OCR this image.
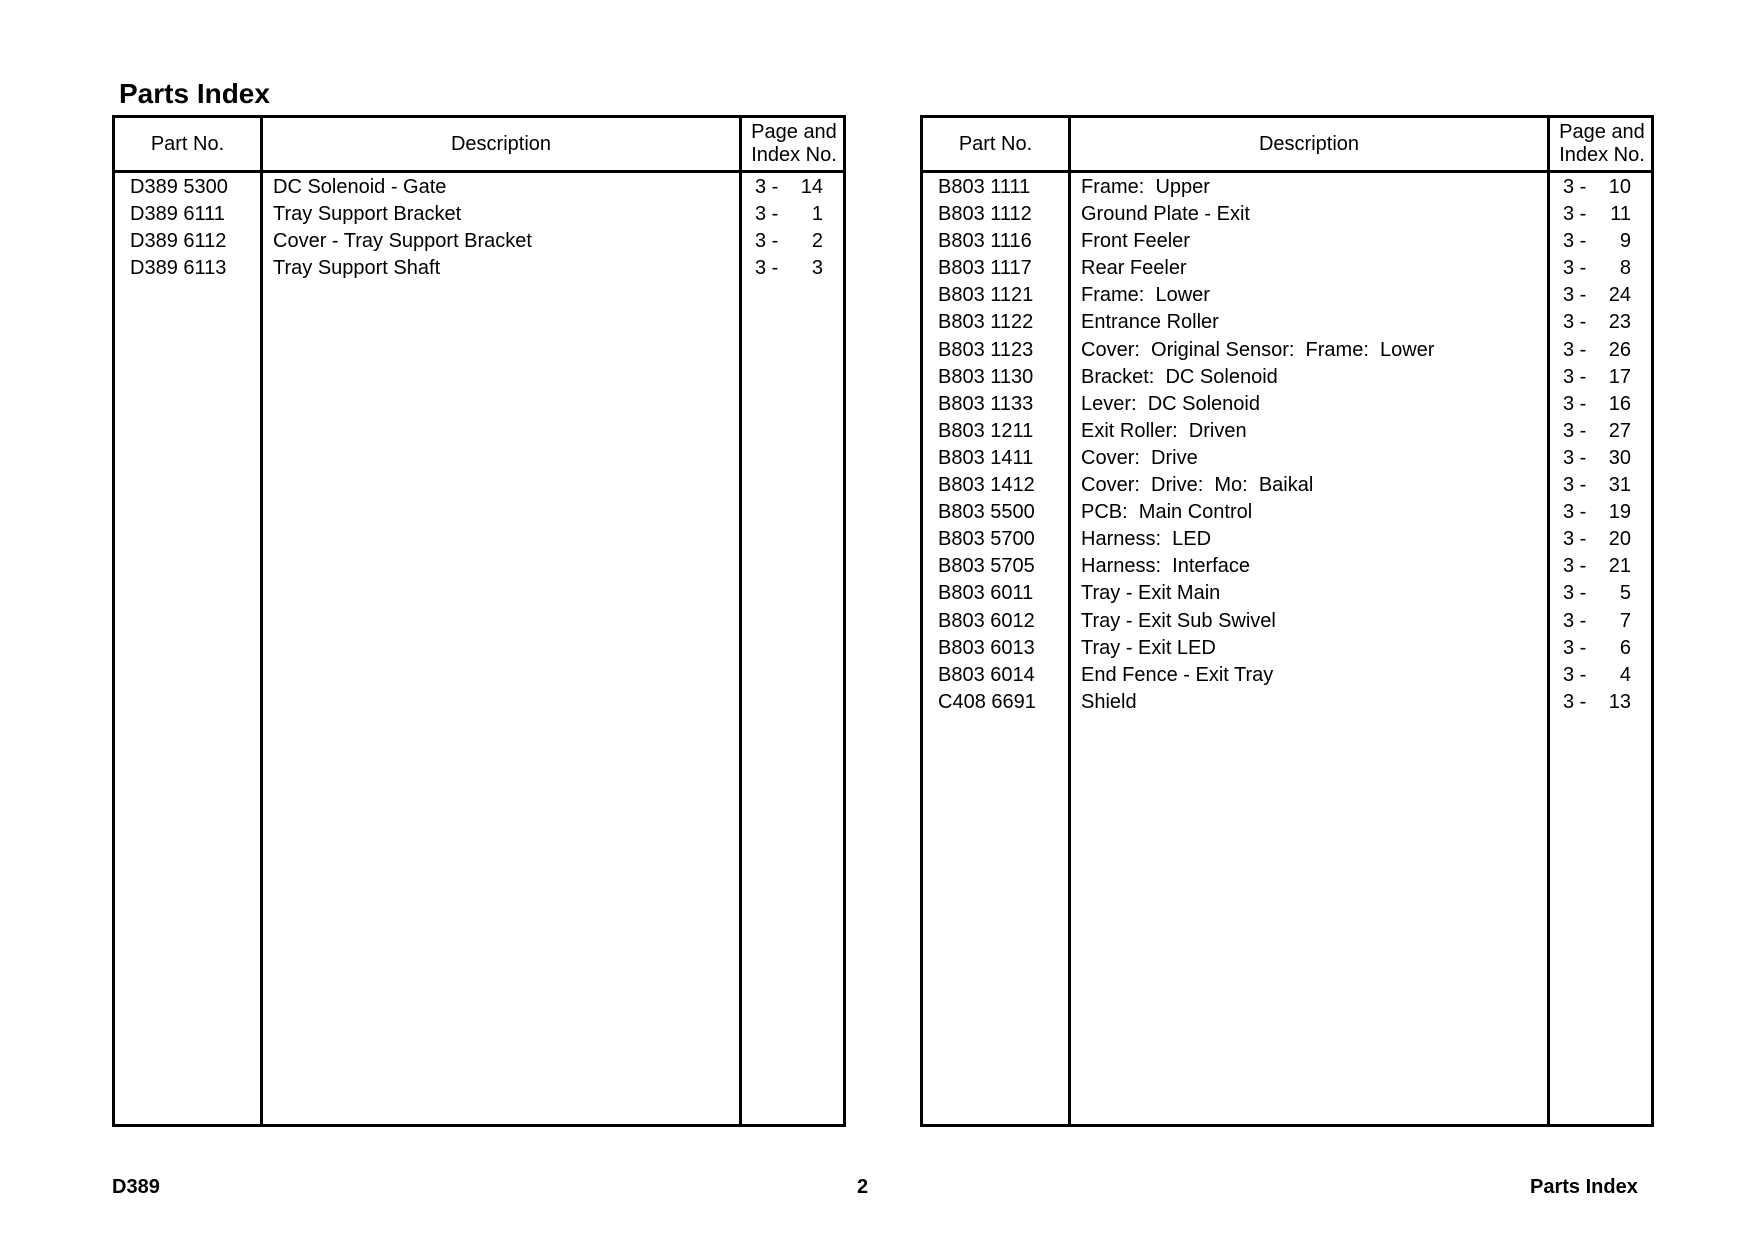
Parts Index
Part No.	Description
Page and
Index No.
D389 5300 DC Solenoid - Gate	3 -	14
D389 6111 Tray Support Bracket	3 -	1
D389 6112 Cover - Tray Support Bracket	3 -	2
D389 6113 Tray Support Shaft	3 -	3
Part No.	Description
Page and
Index No.
B803 1111	Frame:  Upper	3 -	10
B803 1112 Ground Plate - Exit	3 -	11
B803 1116 Front Feeler	3 -	9
B803 1117 Rear Feeler	3 -	8
B803 1121 Frame:  Lower	3 -	24
B803 1122 Entrance Roller	3 -	23
B803 1123 Cover:  Original Sensor:  Frame:  Lower	3 -	26
B803 1130 Bracket:  DC Solenoid	3 -	17
B803 1133 Lever:  DC Solenoid	3 -	16
B803 1211 Exit Roller:  Driven	3 -	27
B803 1411 Cover:  Drive	3 -	30
B803 1412 Cover:  Drive:  Mo:  Baikal	3 -	31
B803 5500 PCB:  Main Control	3 -	19
B803 5700 Harness:  LED	3 -	20
B803 5705 Harness:  Interface	3 -	21
B803 6011 Tray - Exit Main	3 -	5
B803 6012 Tray - Exit Sub Swivel	3 -	7
B803 6013 Tray - Exit LED	3 -	6
B803 6014 End Fence - Exit Tray	3 -	4
C408 6691 Shield	3 -	13
D389	2	Parts Index
